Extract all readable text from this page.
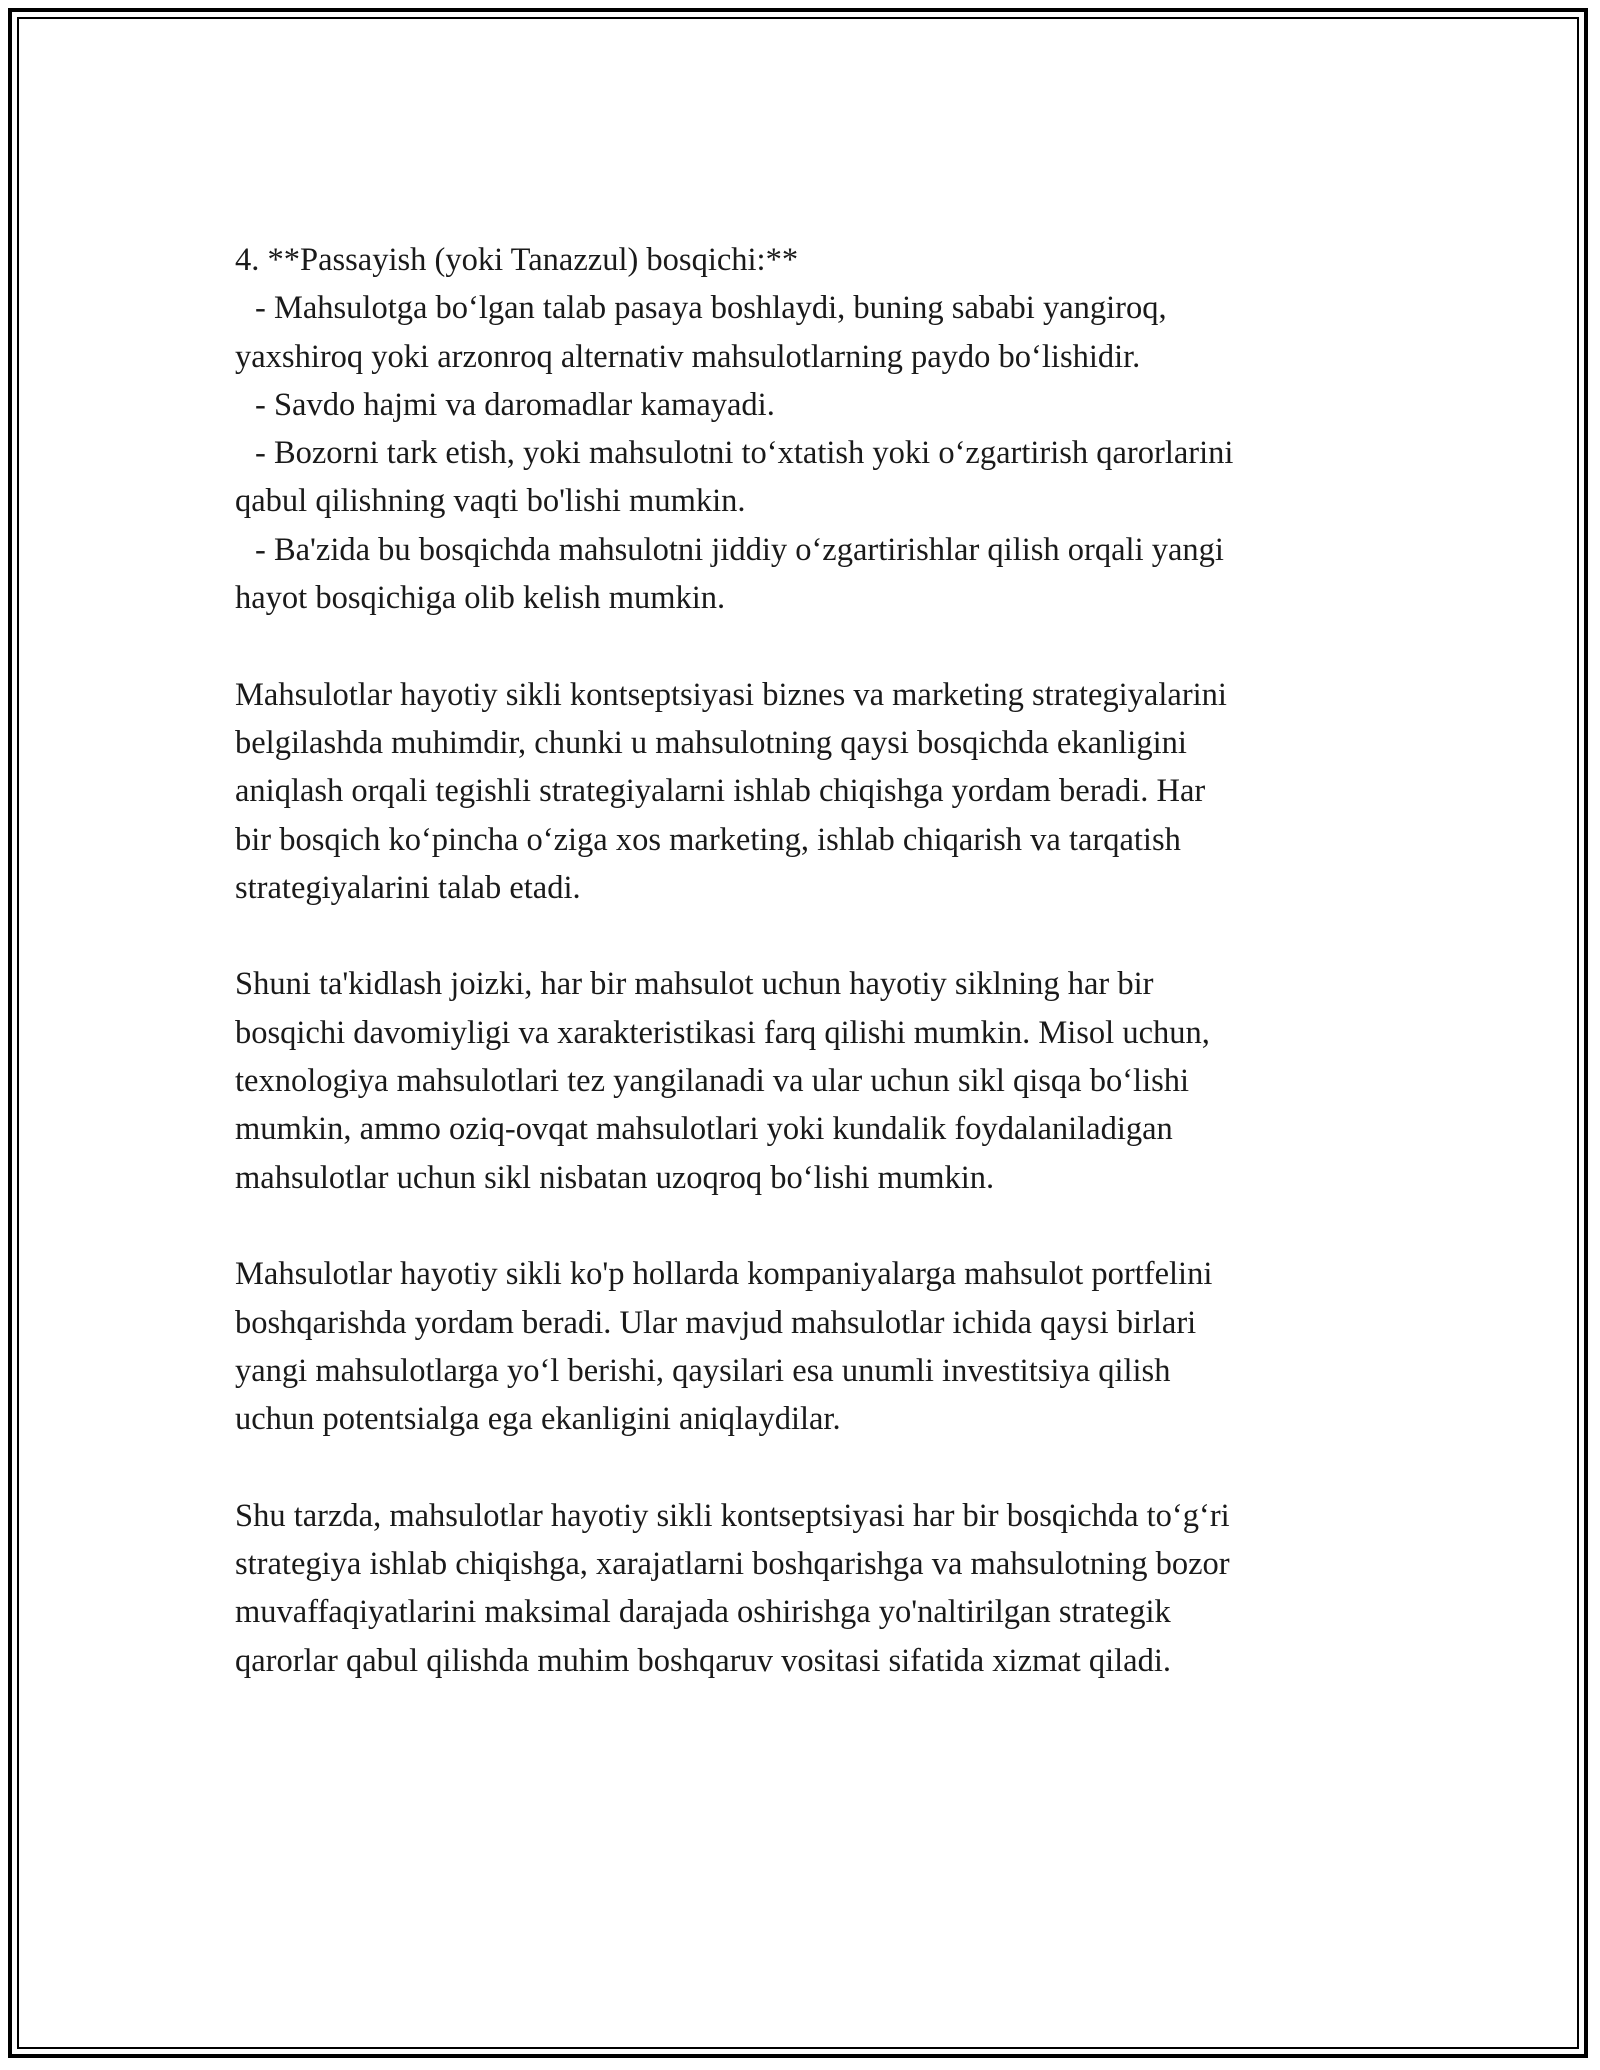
4. **Passayish (yoki Tanazzul) bosqichi:**
- Mahsulotga bo‘lgan talab pasaya boshlaydi, buning sababi yangiroq,
yaxshiroq yoki arzonroq alternativ mahsulotlarning paydo bo‘lishidir.
- Savdo hajmi va daromadlar kamayadi.
- Bozorni tark etish, yoki mahsulotni to‘xtatish yoki o‘zgartirish qarorlarini
qabul qilishning vaqti bo'lishi mumkin.
- Ba'zida bu bosqichda mahsulotni jiddiy o‘zgartirishlar qilish orqali yangi
hayot bosqichiga olib kelish mumkin.
Mahsulotlar hayotiy sikli kontseptsiyasi biznes va marketing strategiyalarini
belgilashda muhimdir, chunki u mahsulotning qaysi bosqichda ekanligini
aniqlash orqali tegishli strategiyalarni ishlab chiqishga yordam beradi. Har
bir bosqich ko‘pincha o‘ziga xos marketing, ishlab chiqarish va tarqatish
strategiyalarini talab etadi.
Shuni ta'kidlash joizki, har bir mahsulot uchun hayotiy siklning har bir
bosqichi davomiyligi va xarakteristikasi farq qilishi mumkin. Misol uchun,
texnologiya mahsulotlari tez yangilanadi va ular uchun sikl qisqa bo‘lishi
mumkin, ammo oziq-ovqat mahsulotlari yoki kundalik foydalaniladigan
mahsulotlar uchun sikl nisbatan uzoqroq bo‘lishi mumkin.
Mahsulotlar hayotiy sikli ko'p hollarda kompaniyalarga mahsulot portfelini
boshqarishda yordam beradi. Ular mavjud mahsulotlar ichida qaysi birlari
yangi mahsulotlarga yo‘l berishi, qaysilari esa unumli investitsiya qilish
uchun potentsialga ega ekanligini aniqlaydilar.
Shu tarzda, mahsulotlar hayotiy sikli kontseptsiyasi har bir bosqichda to‘g‘ri
strategiya ishlab chiqishga, xarajatlarni boshqarishga va mahsulotning bozor
muvaffaqiyatlarini maksimal darajada oshirishga yo'naltirilgan strategik
qarorlar qabul qilishda muhim boshqaruv vositasi sifatida xizmat qiladi.
